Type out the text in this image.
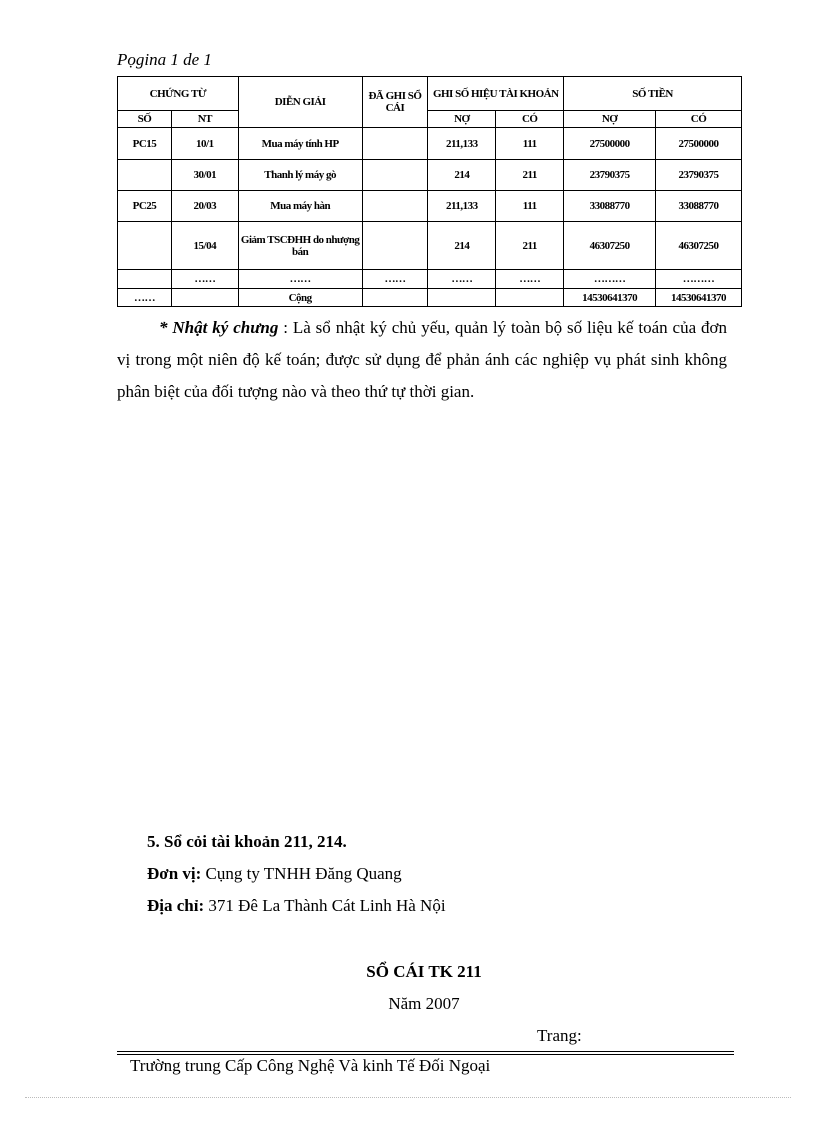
Pọgina 1 de 1
CHỨNG TỪ		DIỄN GIẢI	ĐÃ GHI SỔ CÁI	GHI SỐ HIỆU TÀI KHOẢN		SỐ TIỀN	
SỐ	NT			NỢ	CÓ	NỢ	CÓ
PC15	10/1	Mua máy tính HP		211,133	111	27500000	27500000
	30/01	Thanh lý máy gò		214	211	23790375	23790375
PC25	20/03	Mua máy hàn		211,133	111	33088770	33088770
	15/04	Giảm TSCĐHH do nhượng bán		214	211	46307250	46307250
	……	……	……	……	……	………	………
……		Cộng				14530641370	14530641370
* Nhật ký chưng : Là sổ nhật ký chủ yếu, quản lý toàn bộ số liệu kế toán của đơn vị trong một niên độ kế toán; được sử dụng để phản ánh các nghiệp vụ phát sinh không phân biệt của đối tượng nào và theo thứ tự thời gian.
5. Sổ cỏi tài khoản 211, 214.
Đơn vị: Cụng ty TNHH Đăng Quang
Địa chỉ: 371 Đê La Thành Cát Linh Hà Nội
SỔ CÁI TK 211
Năm 2007
Trang:
Trường trung Cấp Công Nghệ Và kinh Tế Đối Ngoại
